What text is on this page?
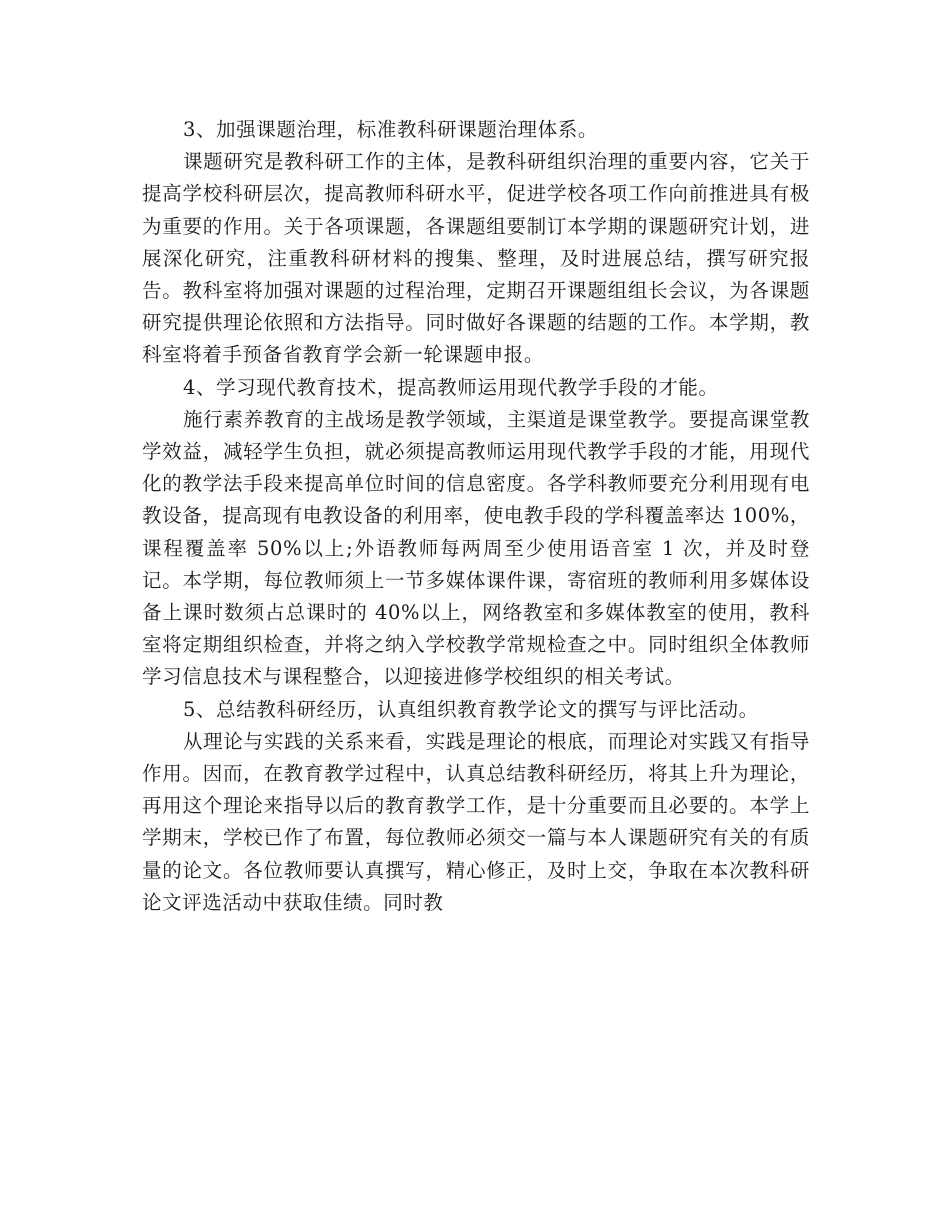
3、加强课题治理，标准教科研课题治理体系。

课题研究是教科研工作的主体，是教科研组织治理的重要内容，它关于提高学校科研层次，提高教师科研水平，促进学校各项工作向前推进具有极为重要的作用。关于各项课题，各课题组要制订本学期的课题研究计划，进展深化研究，注重教科研材料的搜集、整理，及时进展总结，撰写研究报告。教科室将加强对课题的过程治理，定期召开课题组组长会议，为各课题研究提供理论依照和方法指导。同时做好各课题的结题的工作。本学期，教科室将着手预备省教育学会新一轮课题申报。

4、学习现代教育技术，提高教师运用现代教学手段的才能。

施行素养教育的主战场是教学领域，主渠道是课堂教学。要提高课堂教学效益，减轻学生负担，就必须提高教师运用现代教学手段的才能，用现代化的教学法手段来提高单位时间的信息密度。各学科教师要充分利用现有电教设备，提高现有电教设备的利用率，使电教手段的学科覆盖率达 100%，课程覆盖率 50%以上;外语教师每两周至少使用语音室 1 次，并及时登记。本学期，每位教师须上一节多媒体课件课，寄宿班的教师利用多媒体设备上课时数须占总课时的 40%以上，网络教室和多媒体教室的使用，教科室将定期组织检查，并将之纳入学校教学常规检查之中。同时组织全体教师学习信息技术与课程整合，以迎接进修学校组织的相关考试。

5、总结教科研经历，认真组织教育教学论文的撰写与评比活动。

从理论与实践的关系来看，实践是理论的根底，而理论对实践又有指导作用。因而，在教育教学过程中，认真总结教科研经历，将其上升为理论，再用这个理论来指导以后的教育教学工作，是十分重要而且必要的。本学上学期末，学校已作了布置，每位教师必须交一篇与本人课题研究有关的有质量的论文。各位教师要认真撰写，精心修正，及时上交，争取在本次教科研论文评选活动中获取佳绩。同时教
